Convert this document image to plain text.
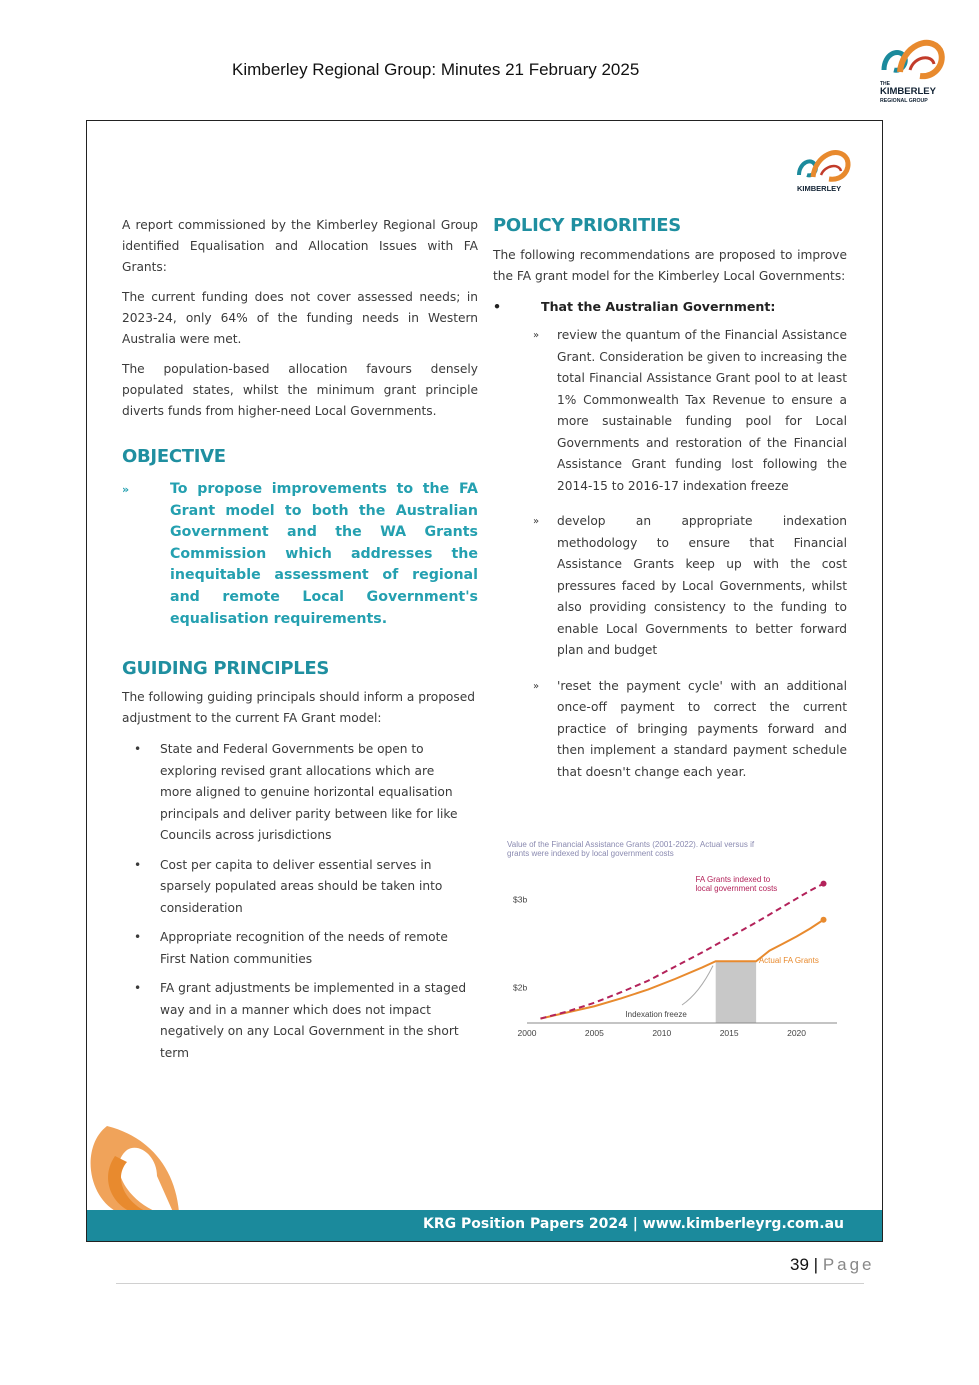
Kimberley Regional Group: Minutes 21 February 2025
THE
KIMBERLEY
REGIONAL GROUP
KIMBERLEY

A report commissioned by the Kimberley Regional Group identified Equalisation and Allocation Issues with FA Grants:

The current funding does not cover assessed needs; in 2023-24, only 64% of the funding needs in Western Australia were met.

The population-based allocation favours densely populated states, whilst the minimum grant principle diverts funds from higher-need Local Governments.

OBJECTIVE
»	To propose improvements to the FA Grant model to both the Australian Government and the WA Grants Commission which addresses the inequitable assessment of regional and remote Local Government's equalisation requirements.
GUIDING PRINCIPLES

The following guiding principals should inform a proposed adjustment to the current FA Grant model:

• State and Federal Governments be open to exploring revised grant allocations which are more aligned to genuine horizontal equalisation principals and deliver parity between like for like Councils across jurisdictions
• Cost per capita to deliver essential serves in sparsely populated areas should be taken into consideration
• Appropriate recognition of the needs of remote First Nation communities
• FA grant adjustments be implemented in a staged way and in a manner which does not impact negatively on any Local Government in the short term
POLICY PRIORITIES

The following recommendations are proposed to improve the FA grant model for the Kimberley Local Governments:

•	That the Australian Government:
» review the quantum of the Financial Assistance Grant. Consideration be given to increasing the total Financial Assistance Grant pool to at least 1% Commonwealth Tax Revenue to ensure a more sustainable funding pool for Local Governments and restoration of the Financial Assistance Grant funding lost following the 2014-15 to 2016-17 indexation freeze
» develop an appropriate indexation methodology to ensure that Financial Assistance Grants keep up with the cost pressures faced by Local Governments, whilst also providing consistency to the funding to enable Local Governments to better forward plan and budget
» 'reset the payment cycle' with an additional once-off payment to correct the current practice of bringing payments forward and then implement a standard payment schedule that doesn't change each year.
Value of the Financial Assistance Grants (2001-2022). Actual versus if
grants were indexed by local government costs
$2b
$3b
2000	2005	2010	2015	2020
FA Grants indexed to
local government costs
Actual FA Grants
Indexation freeze
KRG Position Papers 2024 | www.kimberleyrg.com.au
39 | Page
